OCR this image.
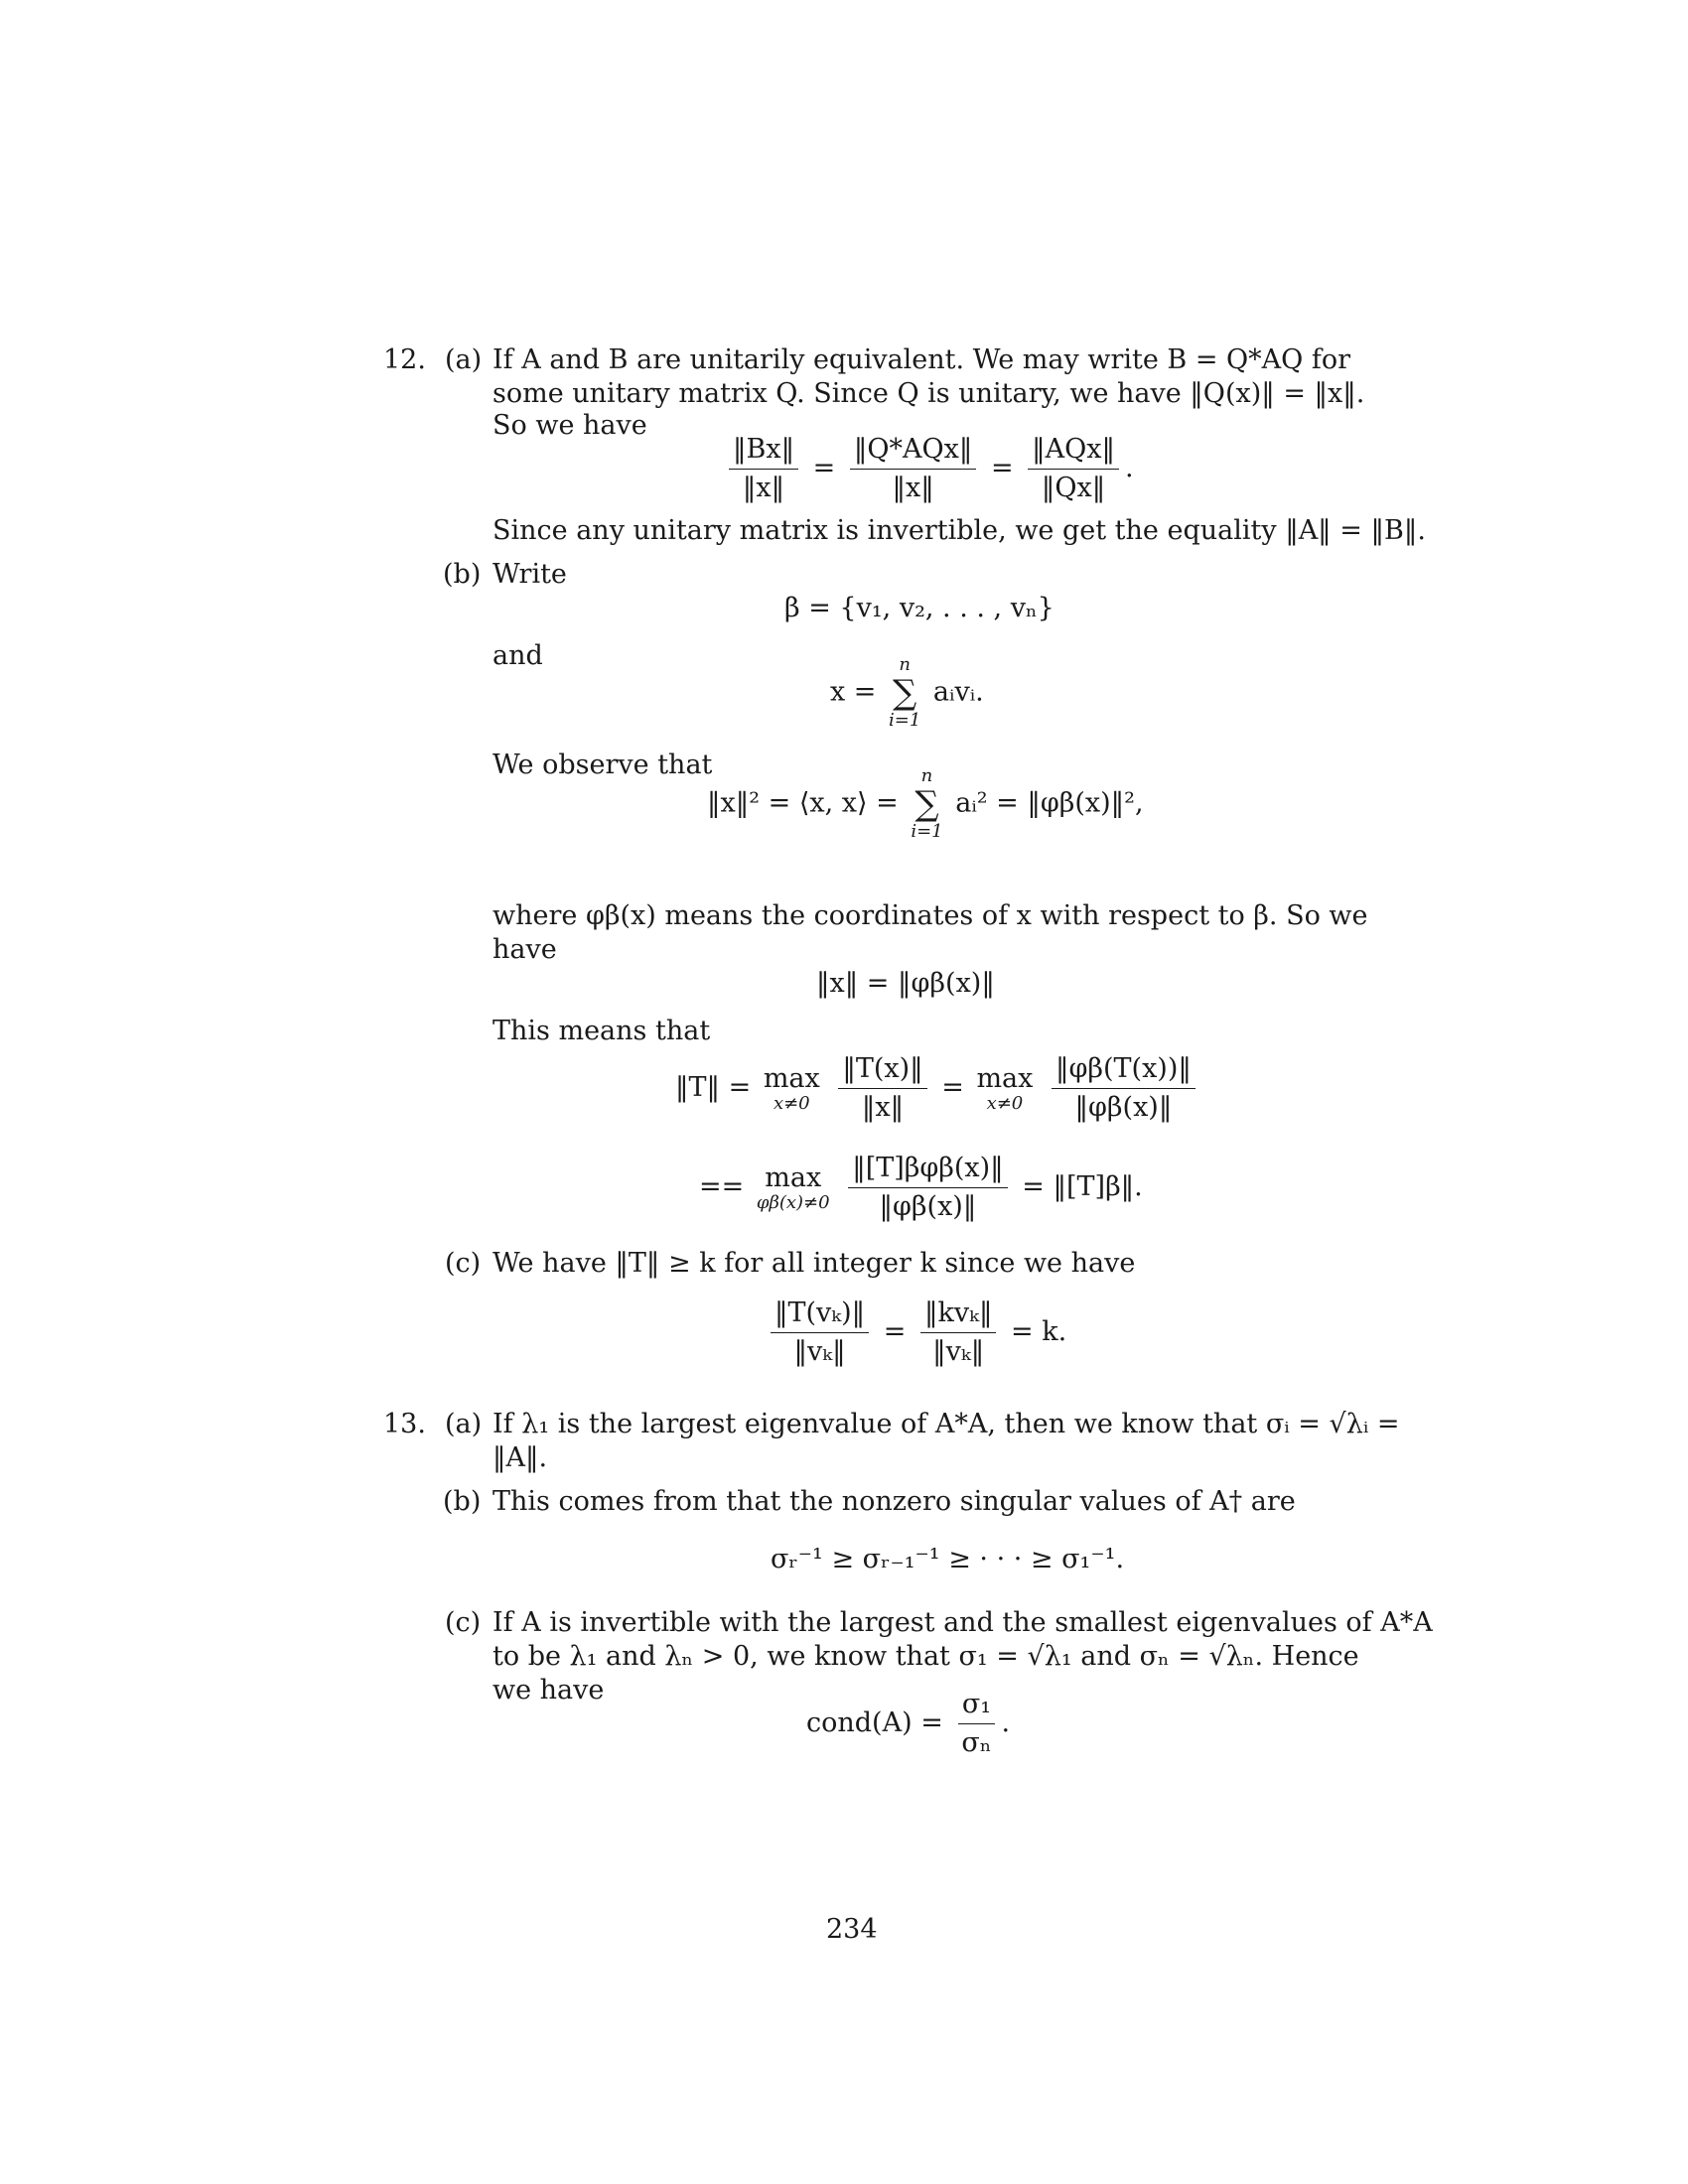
12. (a) If A and B are unitarily equivalent. We may write B = Q*AQ for
some unitary matrix Q. Since Q is unitary, we have ‖Q(x)‖ = ‖x‖.
So we have
$\frac{‖Bx‖}{‖x‖} = \frac{\text{‖Q*AQx‖}}{‖x‖} = \frac{\text{‖AQx‖}}{‖Qx‖}$ .
Since any unitary matrix is invertible, we get the equality ‖A‖ = ‖B‖.
(b) Write
β = {v₁, v₂, . . . , vₙ}
and
x =
n
∑
i=1
aᵢvᵢ.
We observe that
‖x‖² = ⟨x, x⟩ =
n
∑
i=1
aᵢ² = ‖φβ(x)‖²,
where φβ(x) means the coordinates of x with respect to β. So we
have
‖x‖ = ‖φβ(x)‖
This means that
‖T‖ = max
x≠0
$\frac{‖T(x)‖}{‖x‖} = \max$
x≠0
$\frac{‖\varphi\beta(T(x))‖}{‖\varphi\beta(x)‖}$
== max
φβ(x)≠0
$\frac{\text{‖[T]βφβ(x)‖}}{‖\varphi\beta(x)‖}$ = ‖[T]β‖.
(c) We have ‖T‖ ≥ k for all integer k since we have
$\frac{\text{‖T(vₖ)‖}}{\text{‖vₖ‖}} = \frac{\text{‖kvₖ‖}}{\text{‖vₖ‖}} = k$.
13. (a) If λ₁ is the largest eigenvalue of A*A, then we know that σᵢ = √λᵢ =
‖A‖.
(b) This comes from that the nonzero singular values of A† are
σᵣ⁻¹ ≥ σᵣ₋₁⁻¹ ≥ · · · ≥ σ₁⁻¹.
(c) If A is invertible with the largest and the smallest eigenvalues of A*A
to be λ₁ and λₙ > 0, we know that σ₁ = √λ₁ and σₙ = √λₙ. Hence
we have
cond(A) = $\frac{\text{σ₁}}{\text{σₙ}}$ .
234
